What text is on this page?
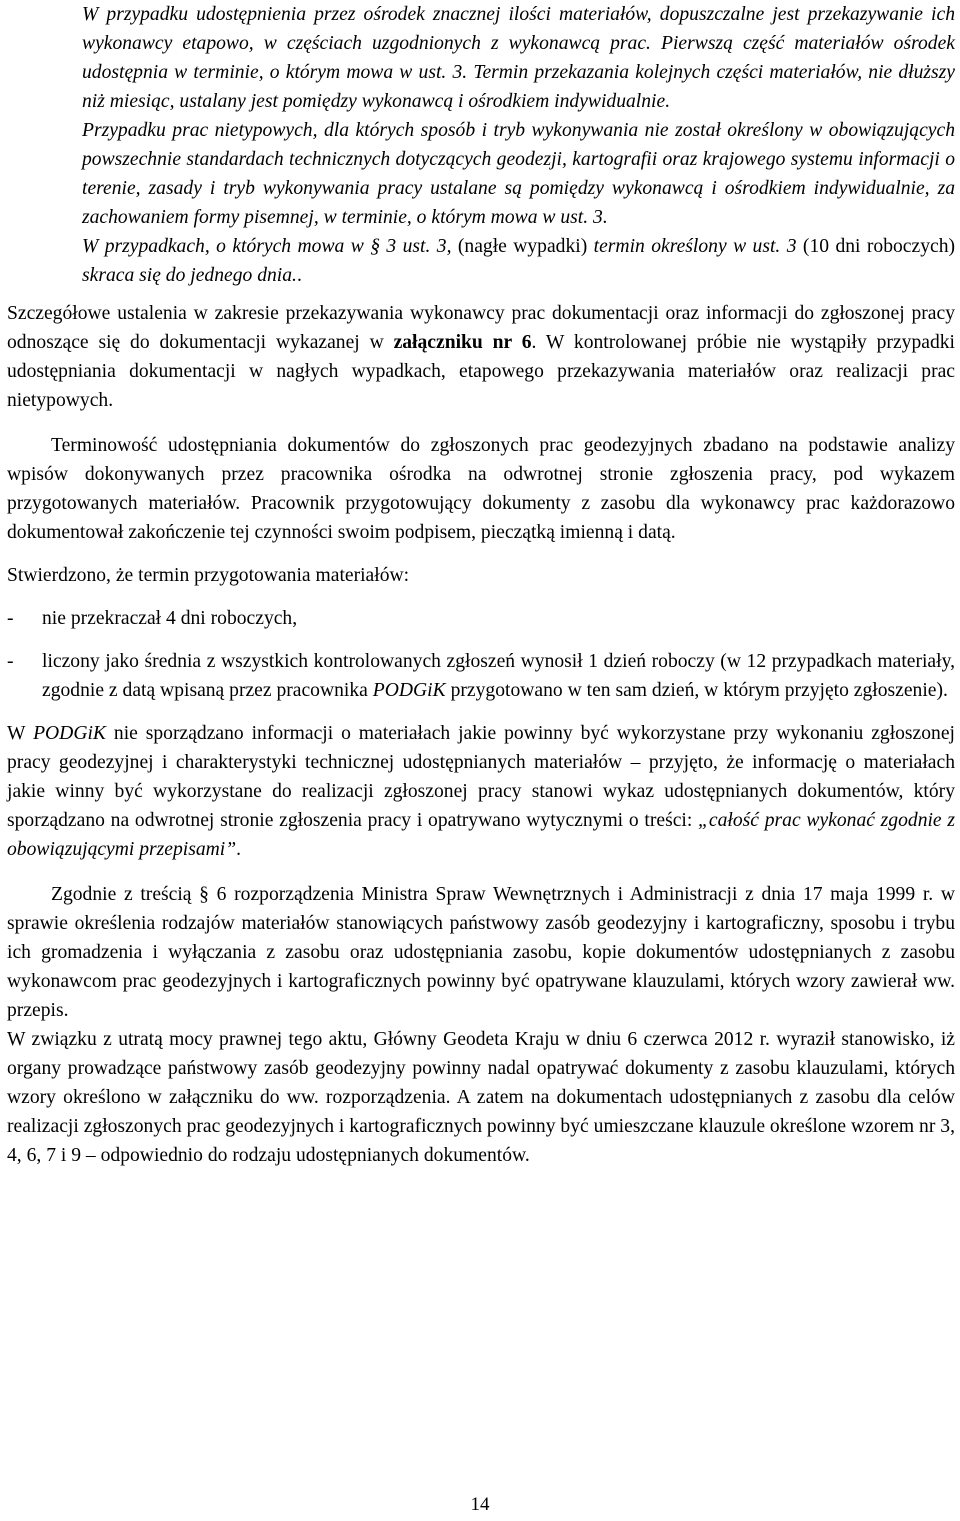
W przypadku udostępnienia przez ośrodek znacznej ilości materiałów, dopuszczalne jest przekazywanie ich wykonawcy etapowo, w częściach uzgodnionych z wykonawcą prac. Pierwszą część materiałów ośrodek udostępnia w terminie, o którym mowa w ust. 3. Termin przekazania kolejnych części materiałów, nie dłuższy niż miesiąc, ustalany jest pomiędzy wykonawcą i ośrodkiem indywidualnie.

Przypadku prac nietypowych, dla których sposób i tryb wykonywania nie został określony w obowiązujących powszechnie standardach technicznych dotyczących geodezji, kartografii oraz krajowego systemu informacji o terenie, zasady i tryb wykonywania pracy ustalane są pomiędzy wykonawcą i ośrodkiem indywidualnie, za zachowaniem formy pisemnej, w terminie, o którym mowa w ust. 3.

W przypadkach, o których mowa w § 3 ust. 3, (nagłe wypadki) termin określony w ust. 3 (10 dni roboczych) skraca się do jednego dnia..

Szczegółowe ustalenia w zakresie przekazywania wykonawcy prac dokumentacji oraz informacji do zgłoszonej pracy odnoszące się do dokumentacji wykazanej w załączniku nr 6. W kontrolowanej próbie nie wystąpiły przypadki udostępniania dokumentacji w nagłych wypadkach, etapowego przekazywania materiałów oraz realizacji prac nietypowych.

Terminowość udostępniania dokumentów do zgłoszonych prac geodezyjnych zbadano na podstawie analizy wpisów dokonywanych przez pracownika ośrodka na odwrotnej stronie zgłoszenia pracy, pod wykazem przygotowanych materiałów. Pracownik przygotowujący dokumenty z zasobu dla wykonawcy prac każdorazowo dokumentował zakończenie tej czynności swoim podpisem, pieczątką imienną i datą.

Stwierdzono, że termin przygotowania materiałów:

- nie przekraczał 4 dni roboczych,
- liczony jako średnia z wszystkich kontrolowanych zgłoszeń wynosił 1 dzień roboczy (w 12 przypadkach materiały, zgodnie z datą wpisaną przez pracownika PODGiK przygotowano w ten sam dzień, w którym przyjęto zgłoszenie).

W PODGiK nie sporządzano informacji o materiałach jakie powinny być wykorzystane przy wykonaniu zgłoszonej pracy geodezyjnej i charakterystyki technicznej udostępnianych materiałów – przyjęto, że informację o materiałach jakie winny być wykorzystane do realizacji zgłoszonej pracy stanowi wykaz udostępnianych dokumentów, który sporządzano na odwrotnej stronie zgłoszenia pracy i opatrywano wytycznymi o treści: „całość prac wykonać zgodnie z obowiązującymi przepisami”.

Zgodnie z treścią § 6 rozporządzenia Ministra Spraw Wewnętrznych i Administracji z dnia 17 maja 1999 r. w sprawie określenia rodzajów materiałów stanowiących państwowy zasób geodezyjny i kartograficzny, sposobu i trybu ich gromadzenia i wyłączania z zasobu oraz udostępniania zasobu, kopie dokumentów udostępnianych z zasobu wykonawcom prac geodezyjnych i kartograficznych powinny być opatrywane klauzulami, których wzory zawierał ww. przepis.

W związku z utratą mocy prawnej tego aktu, Główny Geodeta Kraju w dniu 6 czerwca 2012 r. wyraził stanowisko, iż organy prowadzące państwowy zasób geodezyjny powinny nadal opatrywać dokumenty z zasobu klauzulami, których wzory określono w załączniku do ww. rozporządzenia. A zatem na dokumentach udostępnianych z zasobu dla celów realizacji zgłoszonych prac geodezyjnych i kartograficznych powinny być umieszczane klauzule określone wzorem nr 3, 4, 6, 7 i 9 – odpowiednio do rodzaju udostępnianych dokumentów.

14
